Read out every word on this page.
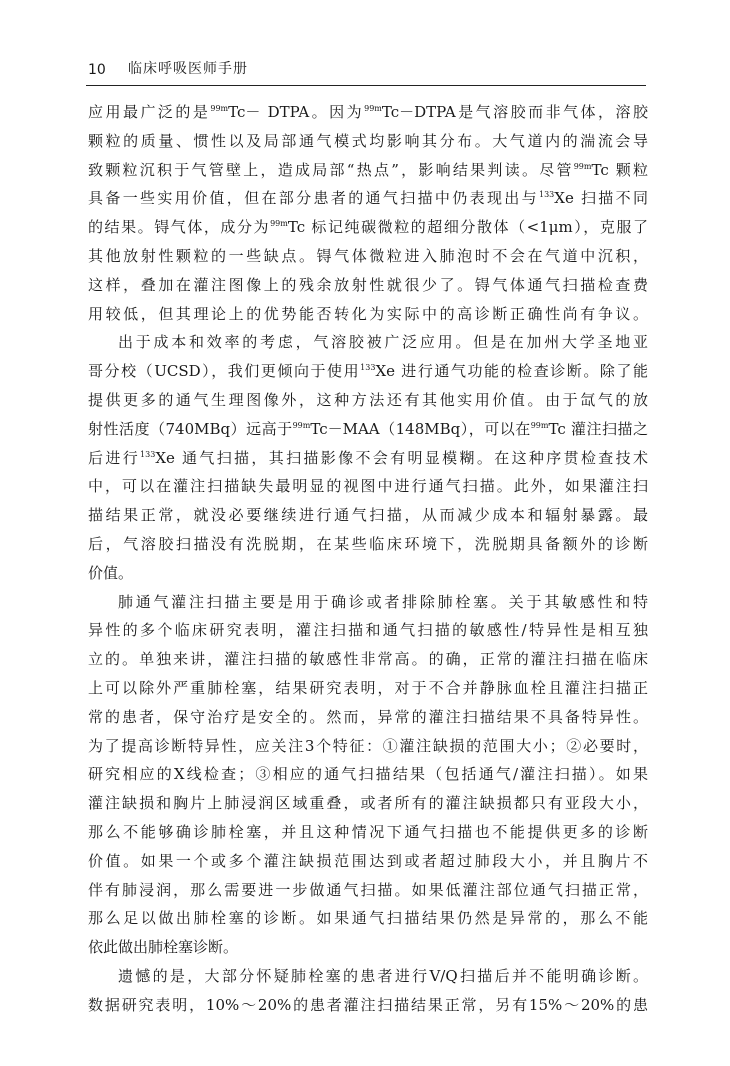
10	临床呼吸医师手册
应用最广泛的是$^{99m}$Tc－ DTPA。因为$^{99m}$Tc－DTPA是气溶胶而非气体，溶胶
颗粒的质量、惯性以及局部通气模式均影响其分布。大气道内的湍流会导
致颗粒沉积于气管壁上，造成局部“热点”，影响结果判读。尽管$^{99m}$Tc 颗粒
具备一些实用价值，但在部分患者的通气扫描中仍表现出与$^{133}$Xe 扫描不同
的结果。锝气体，成分为$^{99m}$Tc 标记纯碳微粒的超细分散体（<1μm），克服了
其他放射性颗粒的一些缺点。锝气体微粒进入肺泡时不会在气道中沉积，
这样，叠加在灌注图像上的残余放射性就很少了。锝气体通气扫描检查费
用较低，但其理论上的优势能否转化为实际中的高诊断正确性尚有争议。
出于成本和效率的考虑，气溶胶被广泛应用。但是在加州大学圣地亚
哥分校（UCSD），我们更倾向于使用$^{133}$Xe 进行通气功能的检查诊断。除了能
提供更多的通气生理图像外，这种方法还有其他实用价值。由于氙气的放
射性活度（740MBq）远高于$^{99m}$Tc－MAA（148MBq），可以在$^{99m}$Tc 灌注扫描之
后进行$^{133}$Xe 通气扫描，其扫描影像不会有明显模糊。在这种序贯检查技术
中，可以在灌注扫描缺失最明显的视图中进行通气扫描。此外，如果灌注扫
描结果正常，就没必要继续进行通气扫描，从而减少成本和辐射暴露。最
后，气溶胶扫描没有洗脱期，在某些临床环境下，洗脱期具备额外的诊断
价值。
肺通气灌注扫描主要是用于确诊或者排除肺栓塞。关于其敏感性和特
异性的多个临床研究表明，灌注扫描和通气扫描的敏感性/特异性是相互独
立的。单独来讲，灌注扫描的敏感性非常高。的确，正常的灌注扫描在临床
上可以除外严重肺栓塞，结果研究表明，对于不合并静脉血栓且灌注扫描正
常的患者，保守治疗是安全的。然而，异常的灌注扫描结果不具备特异性。
为了提高诊断特异性，应关注3个特征：①灌注缺损的范围大小；②必要时，
研究相应的X线检查；③相应的通气扫描结果（包括通气/灌注扫描）。如果
灌注缺损和胸片上肺浸润区域重叠，或者所有的灌注缺损都只有亚段大小，
那么不能够确诊肺栓塞，并且这种情况下通气扫描也不能提供更多的诊断
价值。如果一个或多个灌注缺损范围达到或者超过肺段大小，并且胸片不
伴有肺浸润，那么需要进一步做通气扫描。如果低灌注部位通气扫描正常，
那么足以做出肺栓塞的诊断。如果通气扫描结果仍然是异常的，那么不能
依此做出肺栓塞诊断。
遗憾的是，大部分怀疑肺栓塞的患者进行V/Q扫描后并不能明确诊断。
数据研究表明，10%～20%的患者灌注扫描结果正常，另有15%～20%的患
